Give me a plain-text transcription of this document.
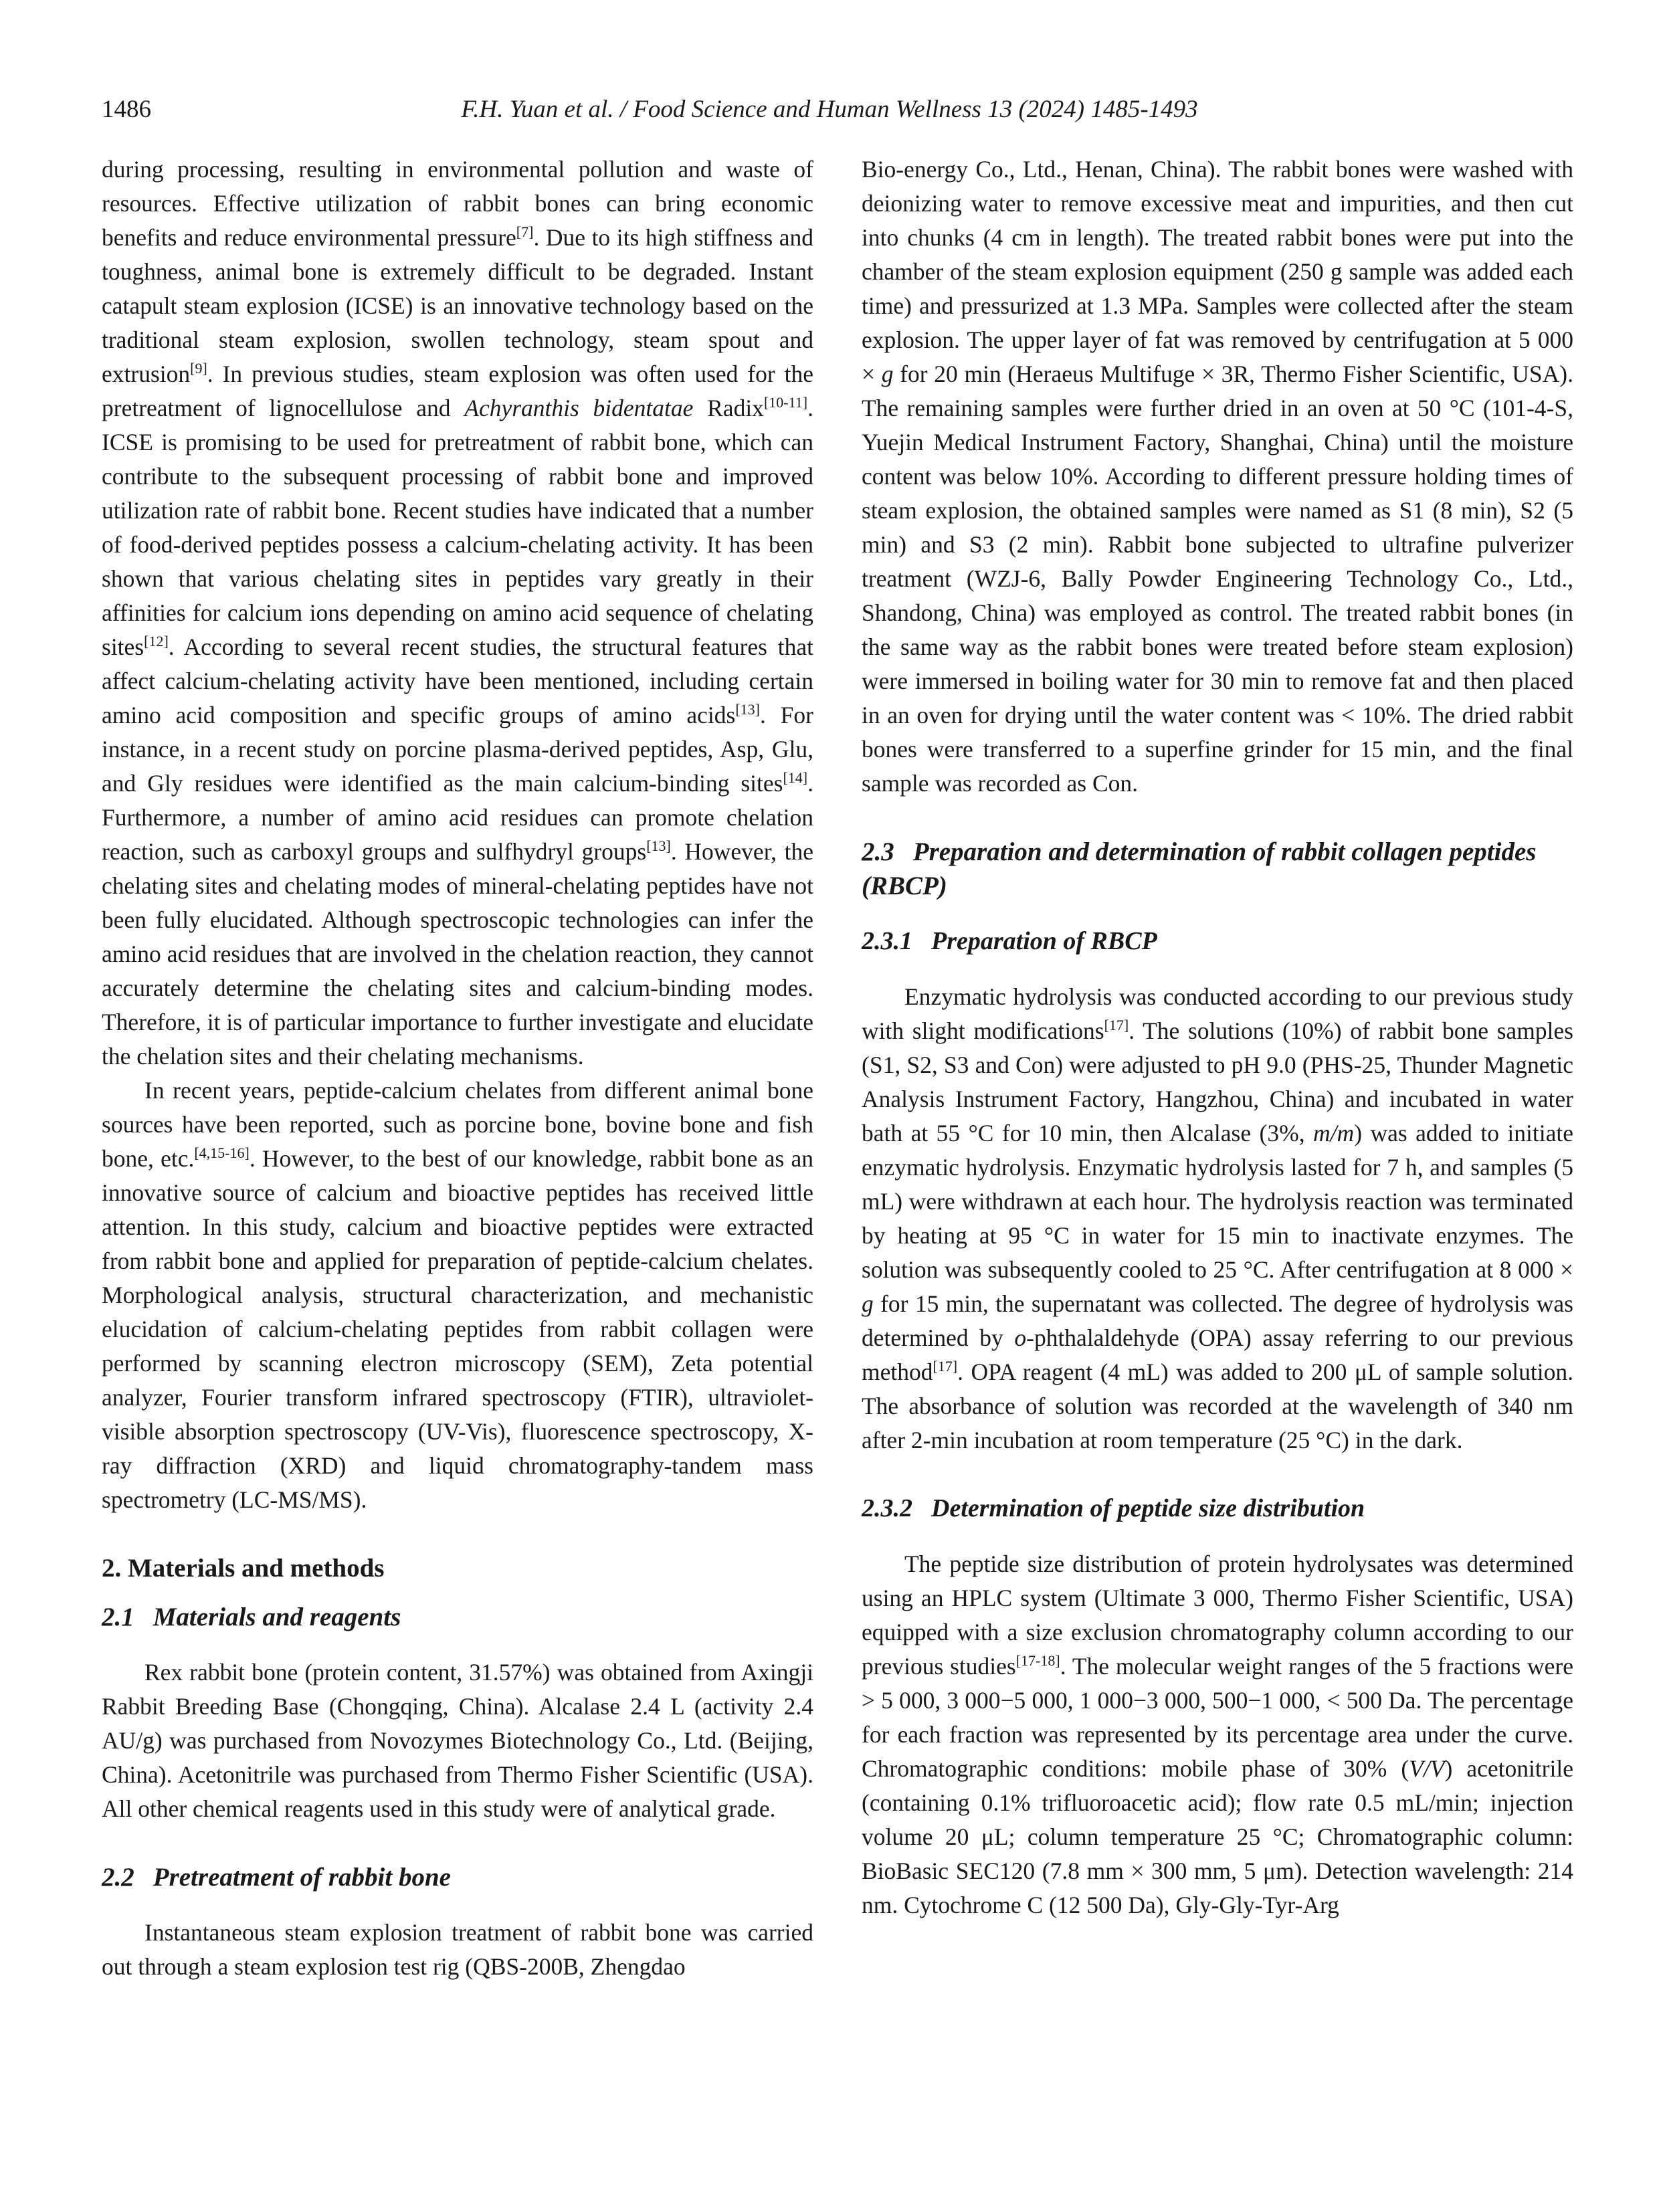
1486	F.H. Yuan et al. / Food Science and Human Wellness 13 (2024) 1485-1493

during processing, resulting in environmental pollution and waste of resources. Effective utilization of rabbit bones can bring economic benefits and reduce environmental pressure[7]. Due to its high stiffness and toughness, animal bone is extremely difficult to be degraded. Instant catapult steam explosion (ICSE) is an innovative technology based on the traditional steam explosion, swollen technology, steam spout and extrusion[9]. In previous studies, steam explosion was often used for the pretreatment of lignocellulose and Achyranthis bidentatae Radix[10-11]. ICSE is promising to be used for pretreatment of rabbit bone, which can contribute to the subsequent processing of rabbit bone and improved utilization rate of rabbit bone. Recent studies have indicated that a number of food-derived peptides possess a calcium-chelating activity. It has been shown that various chelating sites in peptides vary greatly in their affinities for calcium ions depending on amino acid sequence of chelating sites[12]. According to several recent studies, the structural features that affect calcium-chelating activity have been mentioned, including certain amino acid composition and specific groups of amino acids[13]. For instance, in a recent study on porcine plasma-derived peptides, Asp, Glu, and Gly residues were identified as the main calcium-binding sites[14]. Furthermore, a number of amino acid residues can promote chelation reaction, such as carboxyl groups and sulfhydryl groups[13]. However, the chelating sites and chelating modes of mineral-chelating peptides have not been fully elucidated. Although spectroscopic technologies can infer the amino acid residues that are involved in the chelation reaction, they cannot accurately determine the chelating sites and calcium-binding modes. Therefore, it is of particular importance to further investigate and elucidate the chelation sites and their chelating mechanisms.

In recent years, peptide-calcium chelates from different animal bone sources have been reported, such as porcine bone, bovine bone and fish bone, etc.[4,15-16]. However, to the best of our knowledge, rabbit bone as an innovative source of calcium and bioactive peptides has received little attention. In this study, calcium and bioactive peptides were extracted from rabbit bone and applied for preparation of peptide-calcium chelates. Morphological analysis, structural characterization, and mechanistic elucidation of calcium-chelating peptides from rabbit collagen were performed by scanning electron microscopy (SEM), Zeta potential analyzer, Fourier transform infrared spectroscopy (FTIR), ultraviolet-visible absorption spectroscopy (UV-Vis), fluorescence spectroscopy, X-ray diffraction (XRD) and liquid chromatography-tandem mass spectrometry (LC-MS/MS).

2. Materials and methods
2.1 Materials and reagents

Rex rabbit bone (protein content, 31.57%) was obtained from Axingji Rabbit Breeding Base (Chongqing, China). Alcalase 2.4 L (activity 2.4 AU/g) was purchased from Novozymes Biotechnology Co., Ltd. (Beijing, China). Acetonitrile was purchased from Thermo Fisher Scientific (USA). All other chemical reagents used in this study were of analytical grade.

2.2 Pretreatment of rabbit bone

Instantaneous steam explosion treatment of rabbit bone was carried out through a steam explosion test rig (QBS-200B, Zhengdao

Bio-energy Co., Ltd., Henan, China). The rabbit bones were washed with deionizing water to remove excessive meat and impurities, and then cut into chunks (4 cm in length). The treated rabbit bones were put into the chamber of the steam explosion equipment (250 g sample was added each time) and pressurized at 1.3 MPa. Samples were collected after the steam explosion. The upper layer of fat was removed by centrifugation at 5 000 × g for 20 min (Heraeus Multifuge × 3R, Thermo Fisher Scientific, USA). The remaining samples were further dried in an oven at 50 °C (101-4-S, Yuejin Medical Instrument Factory, Shanghai, China) until the moisture content was below 10%. According to different pressure holding times of steam explosion, the obtained samples were named as S1 (8 min), S2 (5 min) and S3 (2 min). Rabbit bone subjected to ultrafine pulverizer treatment (WZJ-6, Bally Powder Engineering Technology Co., Ltd., Shandong, China) was employed as control. The treated rabbit bones (in the same way as the rabbit bones were treated before steam explosion) were immersed in boiling water for 30 min to remove fat and then placed in an oven for drying until the water content was < 10%. The dried rabbit bones were transferred to a superfine grinder for 15 min, and the final sample was recorded as Con.

2.3 Preparation and determination of rabbit collagen peptides (RBCP)
2.3.1 Preparation of RBCP

Enzymatic hydrolysis was conducted according to our previous study with slight modifications[17]. The solutions (10%) of rabbit bone samples (S1, S2, S3 and Con) were adjusted to pH 9.0 (PHS-25, Thunder Magnetic Analysis Instrument Factory, Hangzhou, China) and incubated in water bath at 55 °C for 10 min, then Alcalase (3%, m/m) was added to initiate enzymatic hydrolysis. Enzymatic hydrolysis lasted for 7 h, and samples (5 mL) were withdrawn at each hour. The hydrolysis reaction was terminated by heating at 95 °C in water for 15 min to inactivate enzymes. The solution was subsequently cooled to 25 °C. After centrifugation at 8 000 × g for 15 min, the supernatant was collected. The degree of hydrolysis was determined by o-phthalaldehyde (OPA) assay referring to our previous method[17]. OPA reagent (4 mL) was added to 200 μL of sample solution. The absorbance of solution was recorded at the wavelength of 340 nm after 2-min incubation at room temperature (25 °C) in the dark.

2.3.2 Determination of peptide size distribution

The peptide size distribution of protein hydrolysates was determined using an HPLC system (Ultimate 3 000, Thermo Fisher Scientific, USA) equipped with a size exclusion chromatography column according to our previous studies[17-18]. The molecular weight ranges of the 5 fractions were > 5 000, 3 000−5 000, 1 000−3 000, 500−1 000, < 500 Da. The percentage for each fraction was represented by its percentage area under the curve. Chromatographic conditions: mobile phase of 30% (V/V) acetonitrile (containing 0.1% trifluoroacetic acid); flow rate 0.5 mL/min; injection volume 20 μL; column temperature 25 °C; Chromatographic column: BioBasic SEC120 (7.8 mm × 300 mm, 5 μm). Detection wavelength: 214 nm. Cytochrome C (12 500 Da), Gly-Gly-Tyr-Arg
